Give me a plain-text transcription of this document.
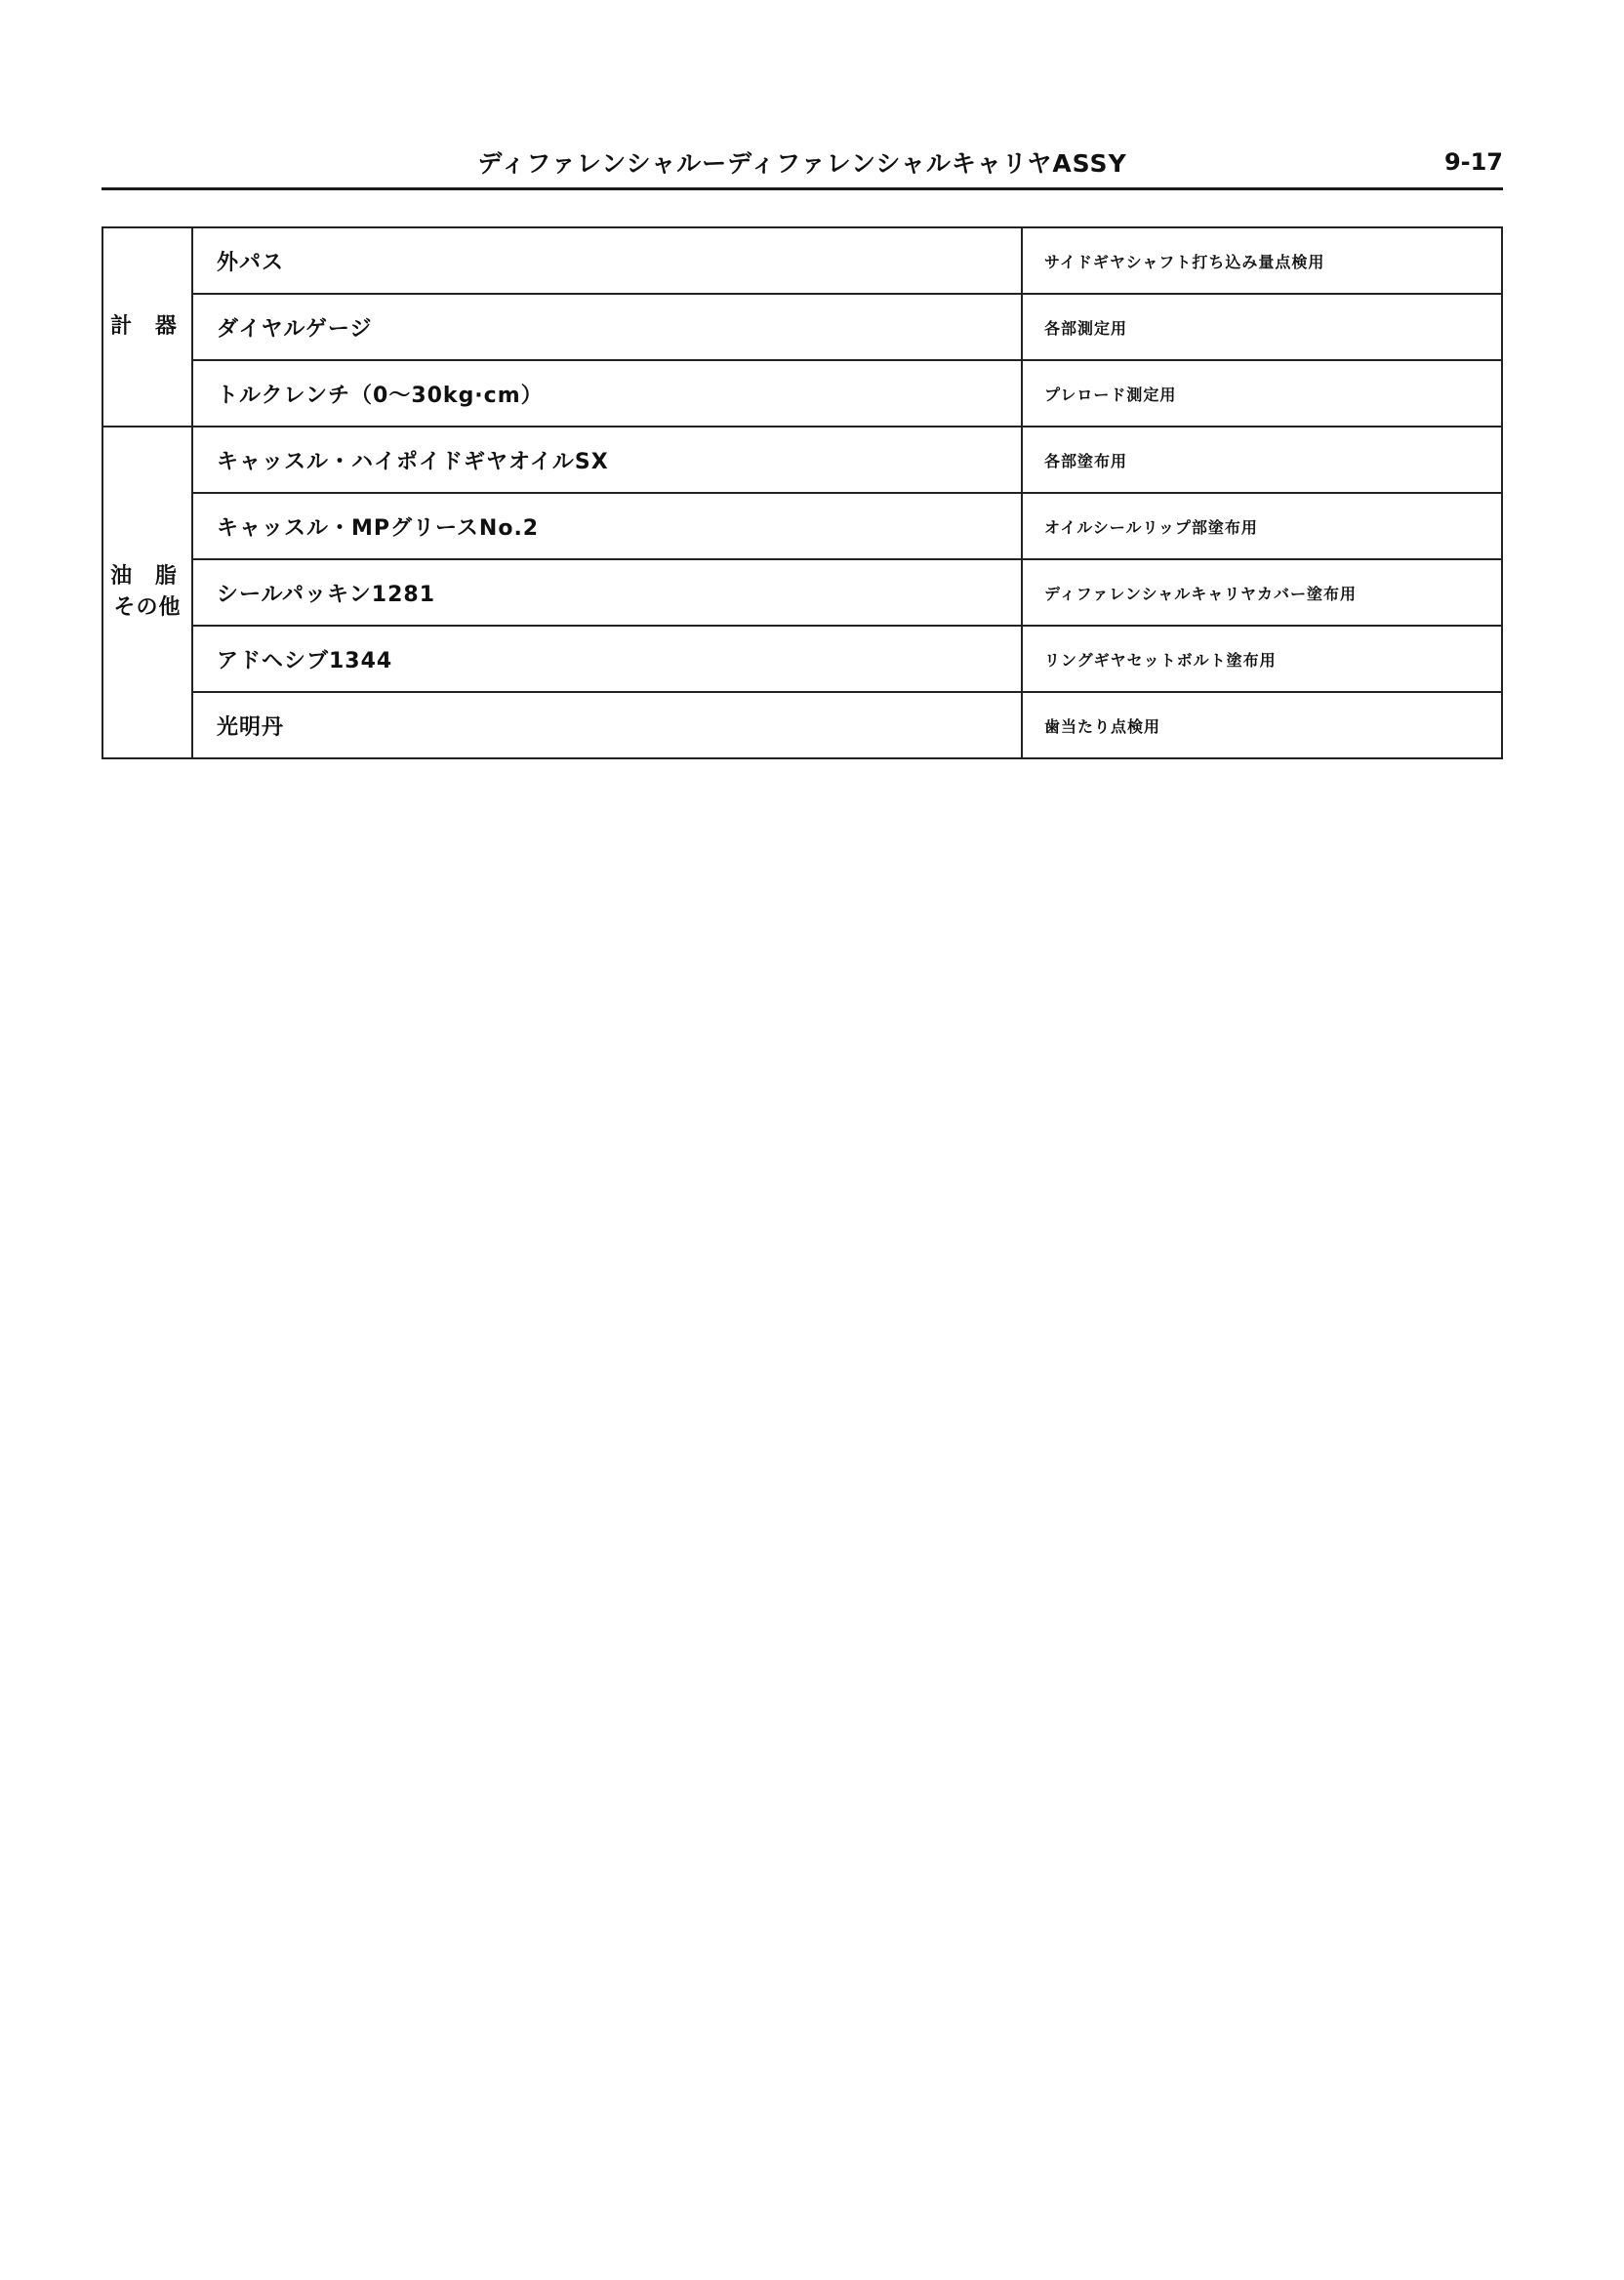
ディファレンシャルーディファレンシャルキャリヤASSY	9-17
計 器	外パス	サイドギヤシャフト打ち込み量点検用
	ダイヤルゲージ	各部測定用
	トルクレンチ（0～30kg·cm）	プレロード測定用

油 脂
その他	キャッスル・ハイポイドギヤオイルSX	各部塗布用
	キャッスル・MPグリースNo.2	オイルシールリップ部塗布用
	シールパッキン1281	ディファレンシャルキャリヤカバー塗布用
	アドヘシブ1344	リングギヤセットボルト塗布用
	光明丹	歯当たり点検用
